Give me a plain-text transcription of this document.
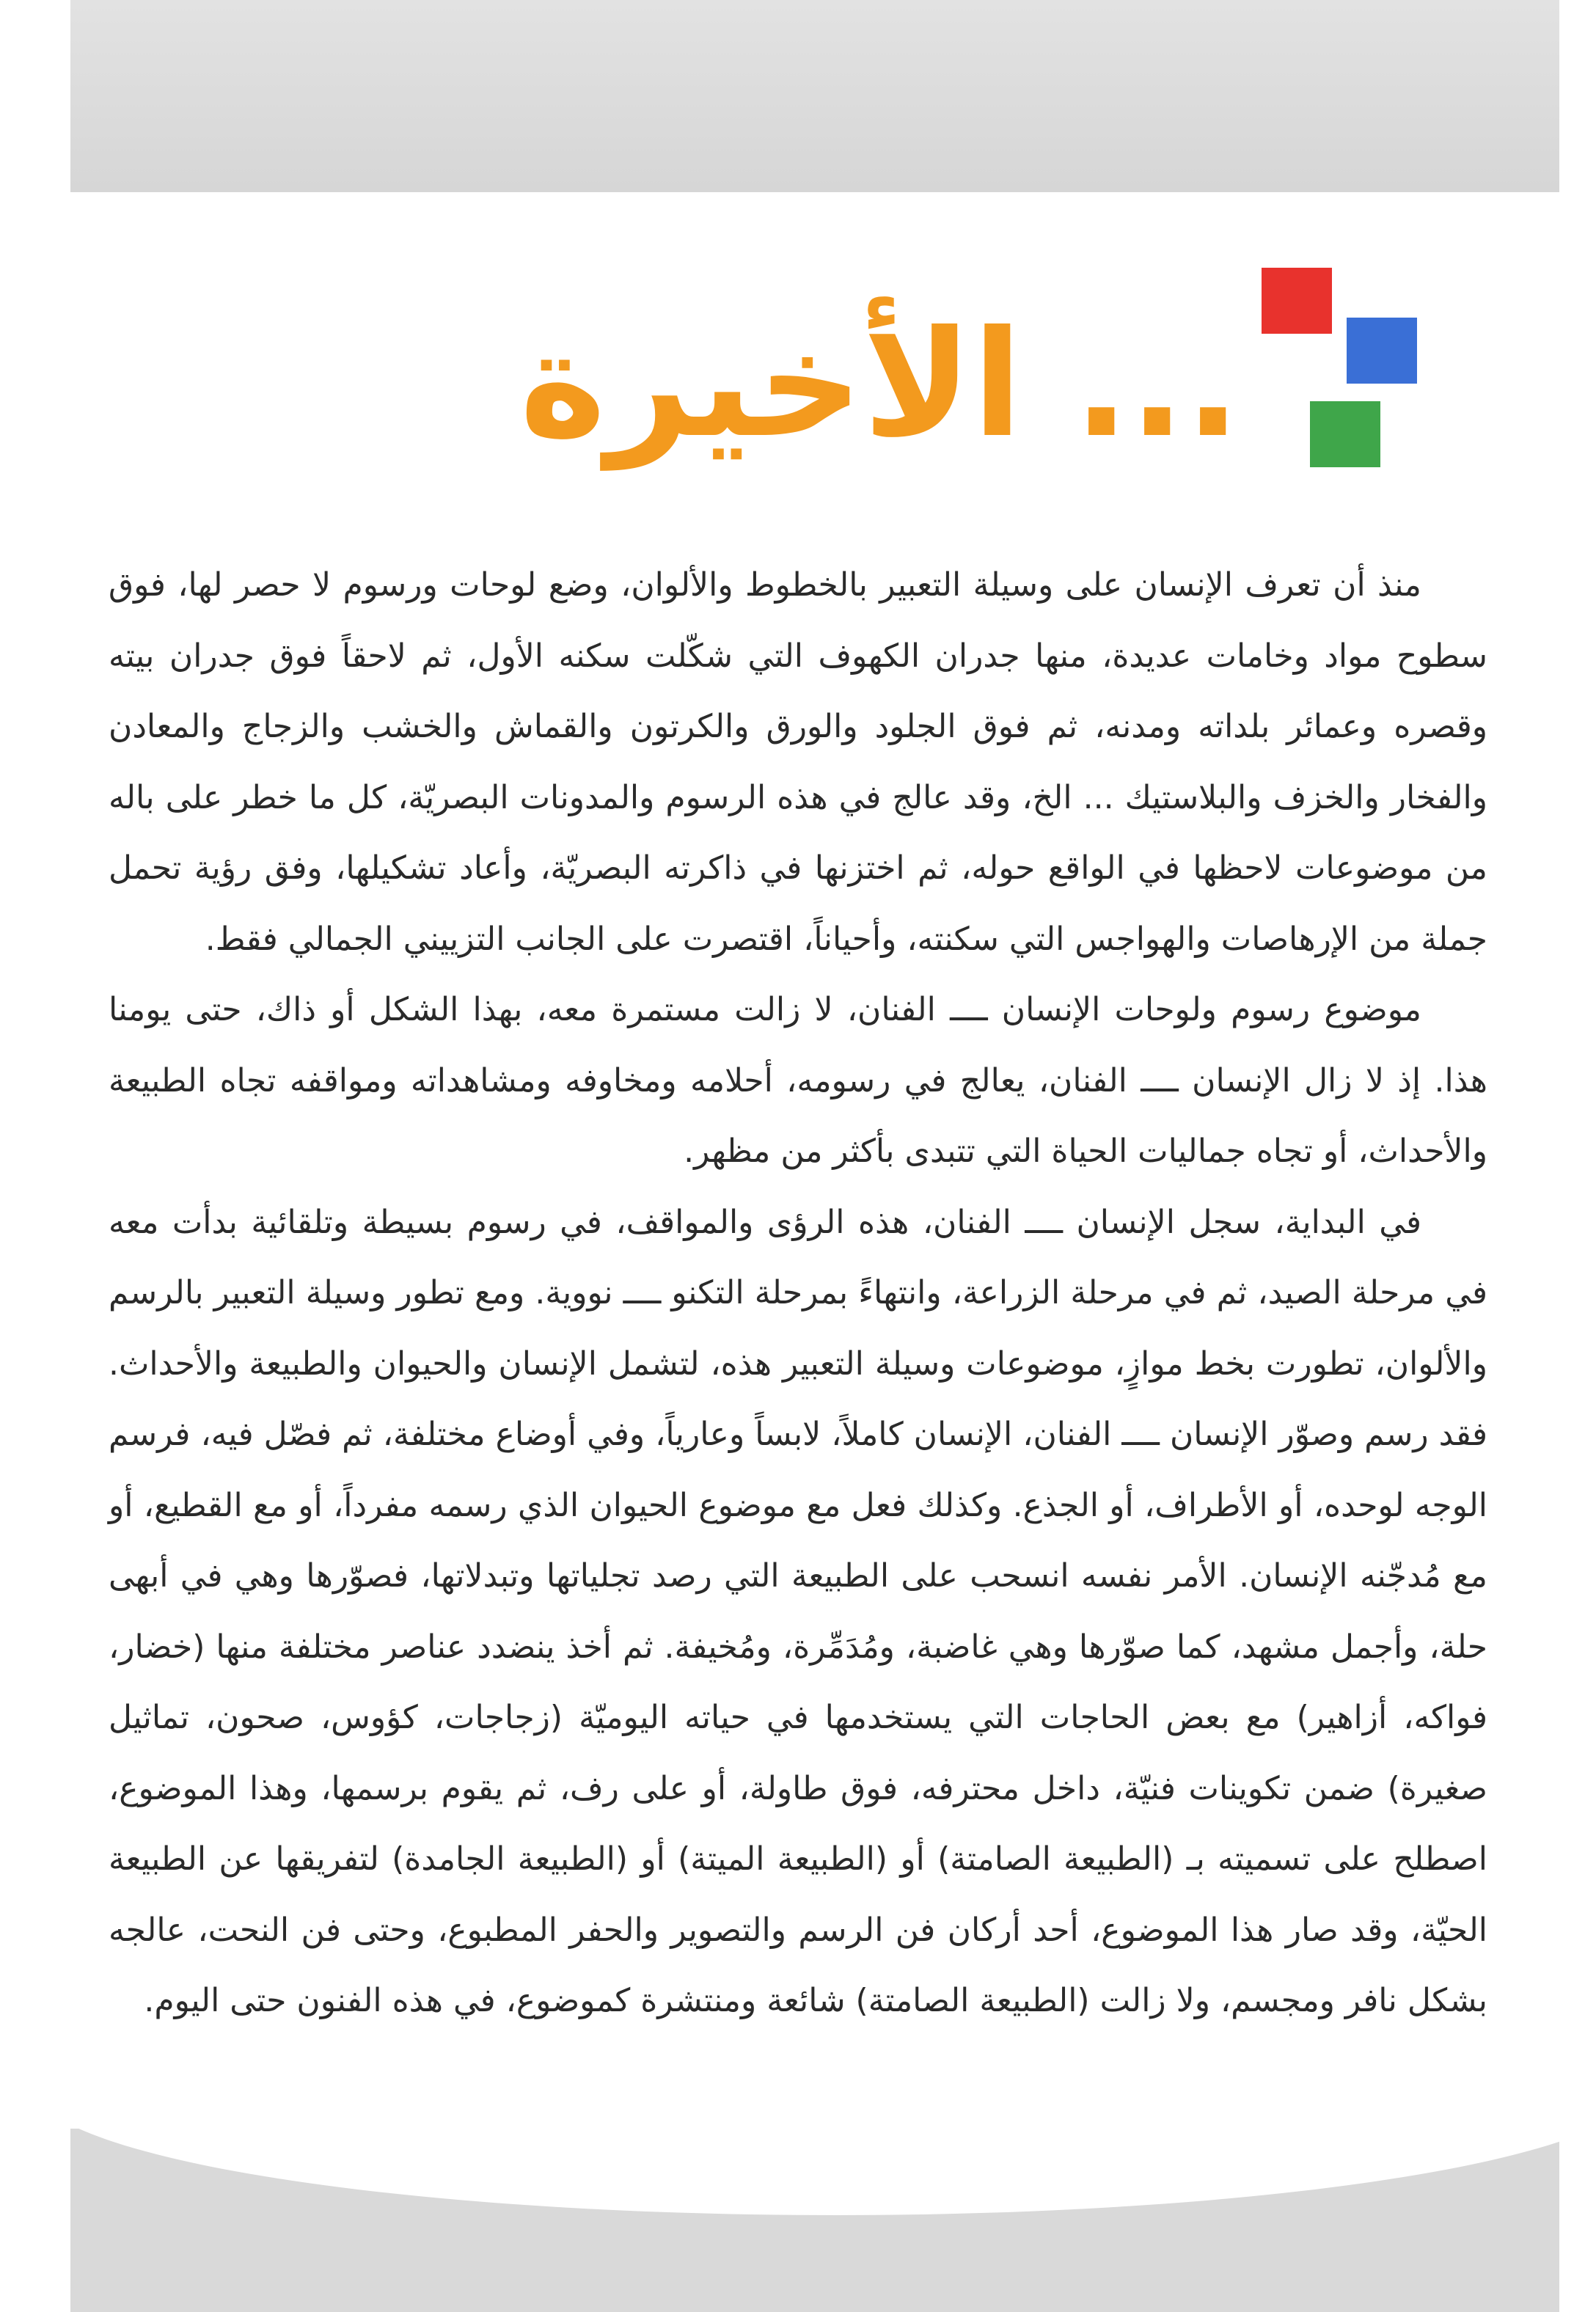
... الأخيرة

منذ أن تعرف الإنسان على وسيلة التعبير بالخطوط والألوان، وضع لوحات ورسوم لا حصر لها، فوق سطوح مواد وخامات عديدة، منها جدران الكهوف التي شكّلت سكنه الأول، ثم لاحقاً فوق جدران بيته وقصره وعمائر بلداته ومدنه، ثم فوق الجلود والورق والكرتون والقماش والخشب والزجاج والمعادن والفخار والخزف والبلاستيك ... الخ، وقد عالج في هذه الرسوم والمدونات البصريّة، كل ما خطر على باله من موضوعات لاحظها في الواقع حوله، ثم اختزنها في ذاكرته البصريّة، وأعاد تشكيلها، وفق رؤية تحمل جملة من الإرهاصات والهواجس التي سكنته، وأحياناً، اقتصرت على الجانب التزييني الجمالي فقط.

موضوع رسوم ولوحات الإنسان ــــ الفنان، لا زالت مستمرة معه، بهذا الشكل أو ذاك، حتى يومنا هذا. إذ لا زال الإنسان ــــ الفنان، يعالج في رسومه، أحلامه ومخاوفه ومشاهداته ومواقفه تجاه الطبيعة والأحداث، أو تجاه جماليات الحياة التي تتبدى بأكثر من مظهر.

في البداية، سجل الإنسان ــــ الفنان، هذه الرؤى والمواقف، في رسوم بسيطة وتلقائية بدأت معه في مرحلة الصيد، ثم في مرحلة الزراعة، وانتهاءً بمرحلة التكنو ــــ نووية. ومع تطور وسيلة التعبير بالرسم والألوان، تطورت بخط موازٍ، موضوعات وسيلة التعبير هذه، لتشمل الإنسان والحيوان والطبيعة والأحداث. فقد رسم وصوّر الإنسان ــــ الفنان، الإنسان كاملاً، لابساً وعارياً، وفي أوضاع مختلفة، ثم فصّل فيه، فرسم الوجه لوحده، أو الأطراف، أو الجذع. وكذلك فعل مع موضوع الحيوان الذي رسمه مفرداً، أو مع القطيع، أو مع مُدجّنه الإنسان. الأمر نفسه انسحب على الطبيعة التي رصد تجلياتها وتبدلاتها، فصوّرها وهي في أبهى حلة، وأجمل مشهد، كما صوّرها وهي غاضبة، ومُدَمِّرة، ومُخيفة. ثم أخذ ينضدد عناصر مختلفة منها (خضار، فواكه، أزاهير) مع بعض الحاجات التي يستخدمها في حياته اليوميّة (زجاجات، كؤوس، صحون، تماثيل صغيرة) ضمن تكوينات فنيّة، داخل محترفه، فوق طاولة، أو على رف، ثم يقوم برسمها، وهذا الموضوع، اصطلح على تسميته بـ (الطبيعة الصامتة) أو (الطبيعة الميتة) أو (الطبيعة الجامدة) لتفريقها عن الطبيعة الحيّة، وقد صار هذا الموضوع، أحد أركان فن الرسم والتصوير والحفر المطبوع، وحتى فن النحت، عالجه بشكل نافر ومجسم، ولا زالت (الطبيعة الصامتة) شائعة ومنتشرة كموضوع، في هذه الفنون حتى اليوم.
